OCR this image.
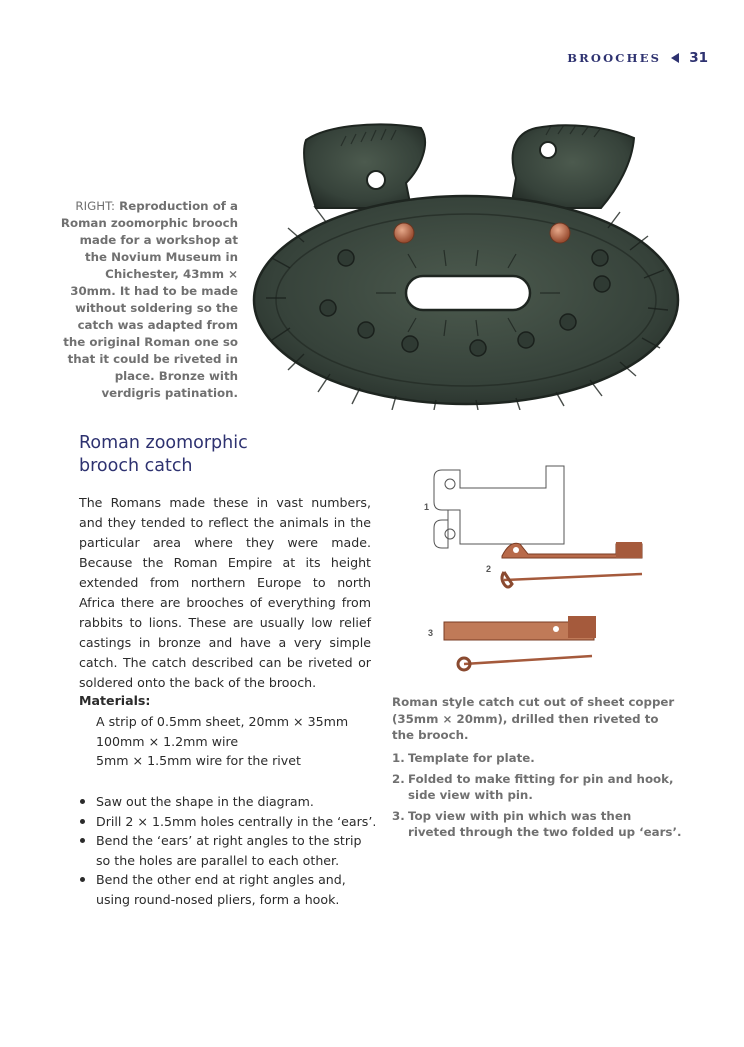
BROOCHES 31

RIGHT: Reproduction of a Roman zoomorphic brooch made for a workshop at the Novium Museum in Chichester, 43mm × 30mm. It had to be made without soldering so the catch was adapted from the original Roman one so that it could be riveted in place. Bronze with verdigris patination.

Roman zoomorphic
brooch catch

The Romans made these in vast numbers, and they tended to reflect the animals in the particular area where they were made. Because the Roman Empire at its height extended from northern Europe to north Africa there are brooches of everything from rabbits to lions. These are usually low relief castings in bronze and have a very simple catch. The catch described can be riveted or soldered onto the back of the brooch.

Materials:
A strip of 0.5mm sheet, 20mm × 35mm
100mm × 1.2mm wire
5mm × 1.5mm wire for the rivet
Saw out the shape in the diagram.
Drill 2 × 1.5mm holes centrally in the ‘ears’.
Bend the ‘ears’ at right angles to the strip so the holes are parallel to each other.
Bend the other end at right angles and, using round-nosed pliers, form a hook.
1
2
3

Roman style catch cut out of sheet copper (35mm × 20mm), drilled then riveted to the brooch.

1. Template for plate.
2. Folded to make fitting for pin and hook, side view with pin.
3. Top view with pin which was then riveted through the two folded up ‘ears’.
